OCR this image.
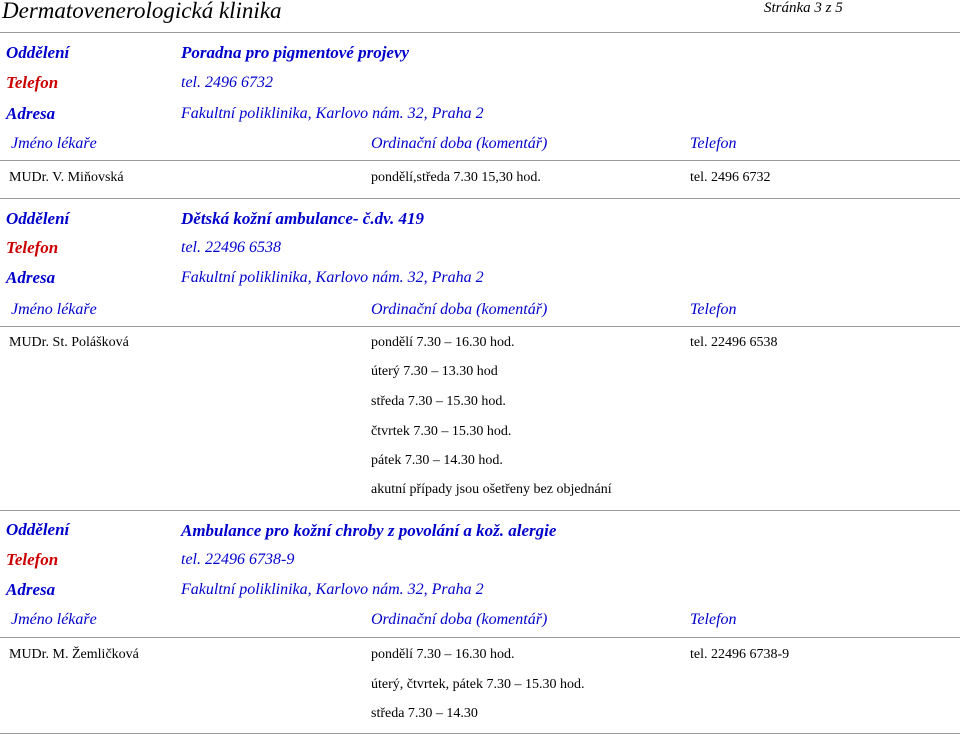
Dermatovenerologická klinika	Stránka 3 z 5
Oddělení	Poradna pro pigmentové projevy
Telefon	tel. 2496 6732
Adresa	Fakultní poliklinika, Karlovo nám. 32, Praha 2
Jméno lékaře	Ordinační doba (komentář)	Telefon
MUDr. V. Miňovská	pondělí,středa 7.30 15,30 hod.	tel. 2496 6732
Oddělení	Dětská kožní ambulance- č.dv. 419
Telefon	tel. 22496 6538
Adresa	Fakultní poliklinika, Karlovo nám. 32, Praha 2
Jméno lékaře	Ordinační doba (komentář)	Telefon
MUDr. St. Polášková	pondělí 7.30 – 16.30 hod.	tel. 22496 6538
úterý 7.30 – 13.30 hod
středa 7.30 – 15.30 hod.
čtvrtek 7.30 – 15.30 hod.
pátek 7.30 – 14.30 hod.
akutní případy jsou ošetřeny bez objednání
Oddělení	Ambulance pro kožní chroby z povolání a kož. alergie
Telefon	tel. 22496 6738-9
Adresa	Fakultní poliklinika, Karlovo nám. 32, Praha 2
Jméno lékaře	Ordinační doba (komentář)	Telefon
MUDr. M. Žemličková	pondělí 7.30 – 16.30 hod.	tel. 22496 6738-9
úterý, čtvrtek, pátek 7.30 – 15.30 hod.
středa 7.30 – 14.30
